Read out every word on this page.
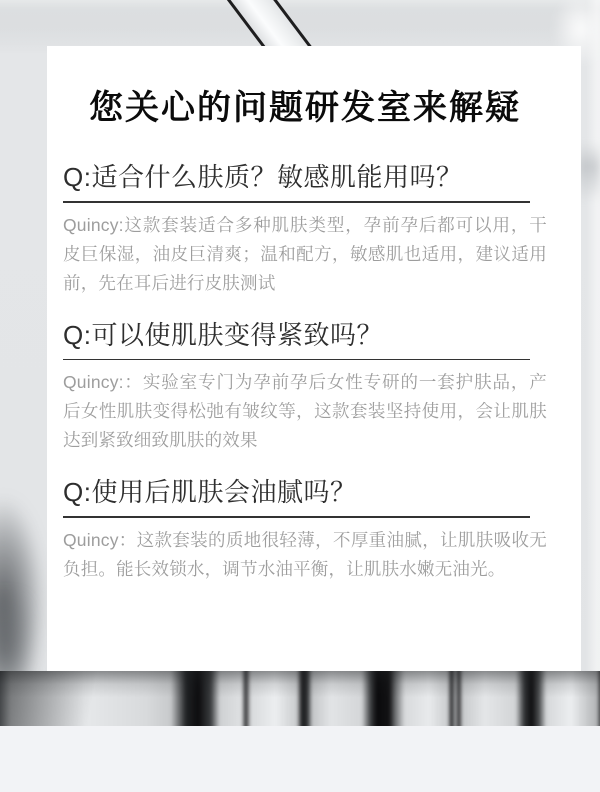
您关心的问题研发室来解疑
Q:适合什么肤质？敏感肌能用吗？

Quincy:这款套装适合多种肌肤类型，孕前孕后都可以用，干皮巨保湿，油皮巨清爽；温和配方，敏感肌也适用，建议适用前，先在耳后进行皮肤测试

Q:可以使肌肤变得紧致吗？

Quincy:：实验室专门为孕前孕后女性专研的一套护肤品，产后女性肌肤变得松弛有皱纹等，这款套装坚持使用，会让肌肤达到紧致细致肌肤的效果

Q:使用后肌肤会油腻吗？

Quincy：这款套装的质地很轻薄，不厚重油腻，让肌肤吸收无负担。能长效锁水，调节水油平衡，让肌肤水嫩无油光。
